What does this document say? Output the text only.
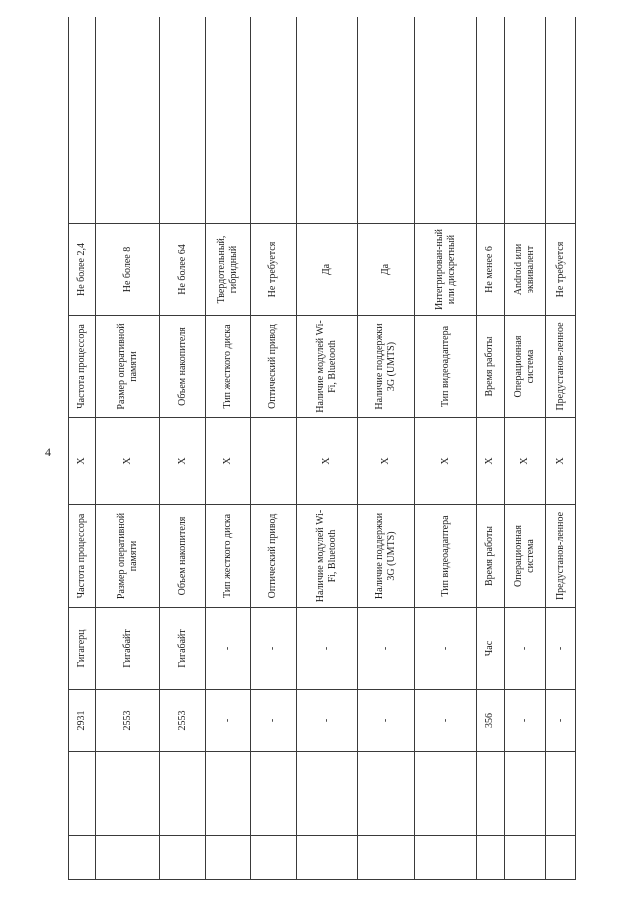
4
		2931	Гигагерц	Частота процессора	Х	Частота процессора	Не более 2,4	
		2553	Гигабайт	Размер оперативной памяти	Х	Размер оперативной памяти	Не более 8	
		2553	Гигабайт	Объем накопителя	Х	Объем накопителя	Не более 64	
		-	-	Тип жесткого диска	Х	Тип жесткого диска	Твердотельный, гибридный	
		-	-	Оптический привод		Оптический привод	Не требуется	
		-	-	Наличие модулей Wi-Fi, Bluetooth	Х	Наличие модулей Wi-Fi, Bluetooth	Да	
		-	-	Наличие поддержки 3G (UMTS)	Х	Наличие поддержки 3G (UMTS)	Да	
		-	-	Тип видеоадаптера	Х	Тип видеоадаптера	Интегрирован-ный или дискретный	
		356	Час	Время работы	Х	Время работы	Не менее 6	
		-	-	Операционная система	Х	Операционная система	Android или эквивалент	
		-	-	Предустанов-ленное	Х	Предустанов-ленное	Не требуется	
